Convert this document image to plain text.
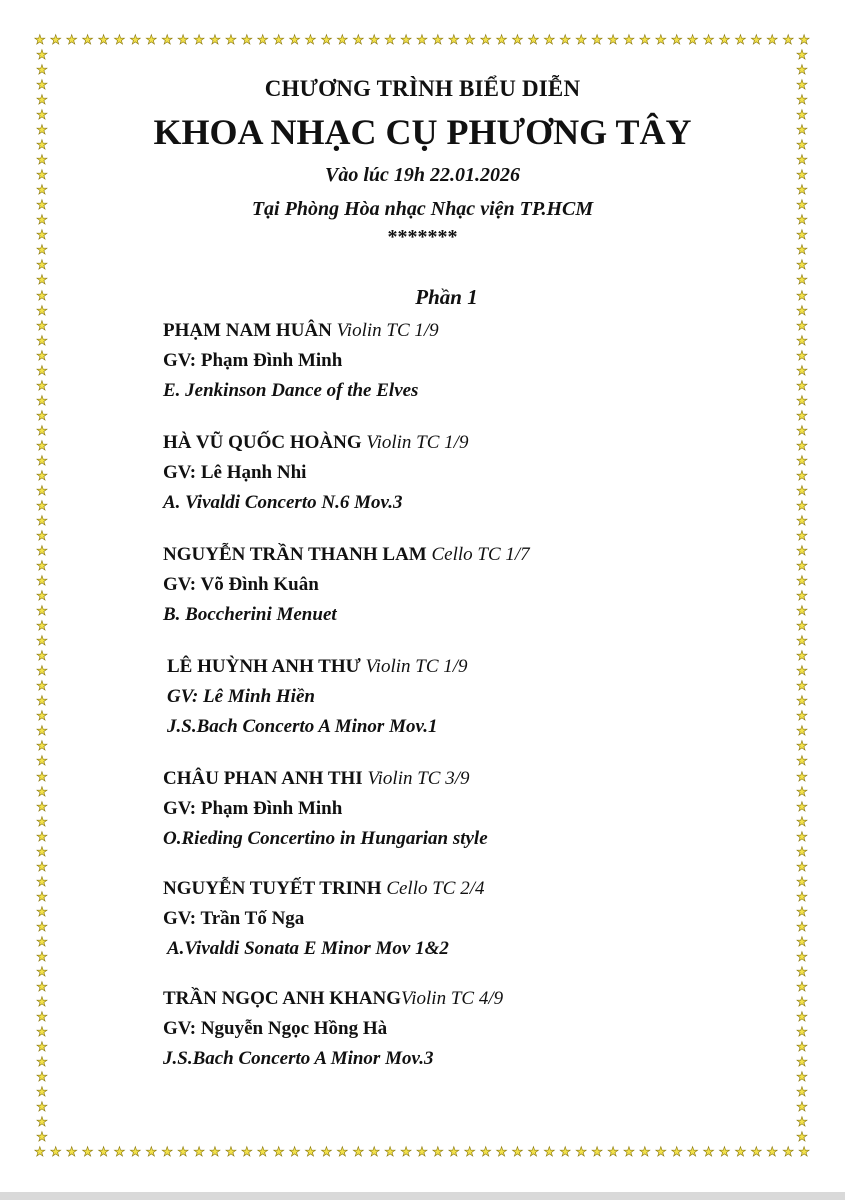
★ ★ ★ ★ ★ ★ ★ ★ ★ ★ ★ ★ ★ ★ ★ ★ ★ ★ ★ ★ ★ ★ ★ ★ ★ ★ ★ ★ ★ ★ ★ ★ ★ ★ ★ ★ ★ ★ ★ ★ ★ ★ ★ ★ ★ ★ ★ ★ ★
★ ★ ★ ★ ★ ★ ★ ★ ★ ★ ★ ★ ★ ★ ★ ★ ★ ★ ★ ★ ★ ★ ★ ★ ★ ★ ★ ★ ★ ★ ★ ★ ★ ★ ★ ★ ★ ★ ★ ★ ★ ★ ★ ★ ★ ★ ★ ★ ★
★
★
★
★
★
★
★
★
★
★
★
★
★
★
★
★
★
★
★
★
★
★
★
★
★
★
★
★
★
★
★
★
★
★
★
★
★
★
★
★
★
★
★
★
★
★
★
★
★
★
★
★
★
★
★
★
★
★
★
★
★
★
★
★
★
★
★
★
★
★
★
★
★
★
★
★
★
★
★
★
★
★
★
★
★
★
★
★
★
★
★
★
★
★
★
★
★
★
★
★
★
★
★
★
★
★
★
★
★
★
★
★
★
★
★
★
★
★
★
★
★
★
★
★
★
★
★
★
★
★
★
★
★
★
★
★
★
★
★
★
★
★
★
★
★
★

CHƯƠNG TRÌNH BIỂU DIỄN

KHOA NHẠC CỤ PHƯƠNG TÂY

Vào lúc 19h 22.01.2026

Tại Phòng Hòa nhạc Nhạc viện TP.HCM

*******

Phần 1
PHẠM NAM HUÂN Violin TC 1/9
GV: Phạm Đình Minh
E. Jenkinson Dance of the Elves
HÀ VŨ QUỐC HOÀNG Violin TC 1/9
GV: Lê Hạnh Nhi
A. Vivaldi Concerto N.6 Mov.3
NGUYỄN TRẦN THANH LAM Cello TC 1/7
GV: Võ Đình Kuân
B. Boccherini Menuet
LÊ HUỲNH ANH THƯ Violin TC 1/9
GV: Lê Minh Hiền
J.S.Bach Concerto A Minor Mov.1
CHÂU PHAN ANH THI Violin TC 3/9
GV: Phạm Đình Minh
O.Rieding Concertino in Hungarian style
NGUYỄN TUYẾT TRINH Cello TC 2/4
GV: Trần Tố Nga
A.Vivaldi Sonata E Minor Mov 1&2
TRẦN NGỌC ANH KHANGViolin TC 4/9
GV: Nguyễn Ngọc Hồng Hà
J.S.Bach Concerto A Minor Mov.3
